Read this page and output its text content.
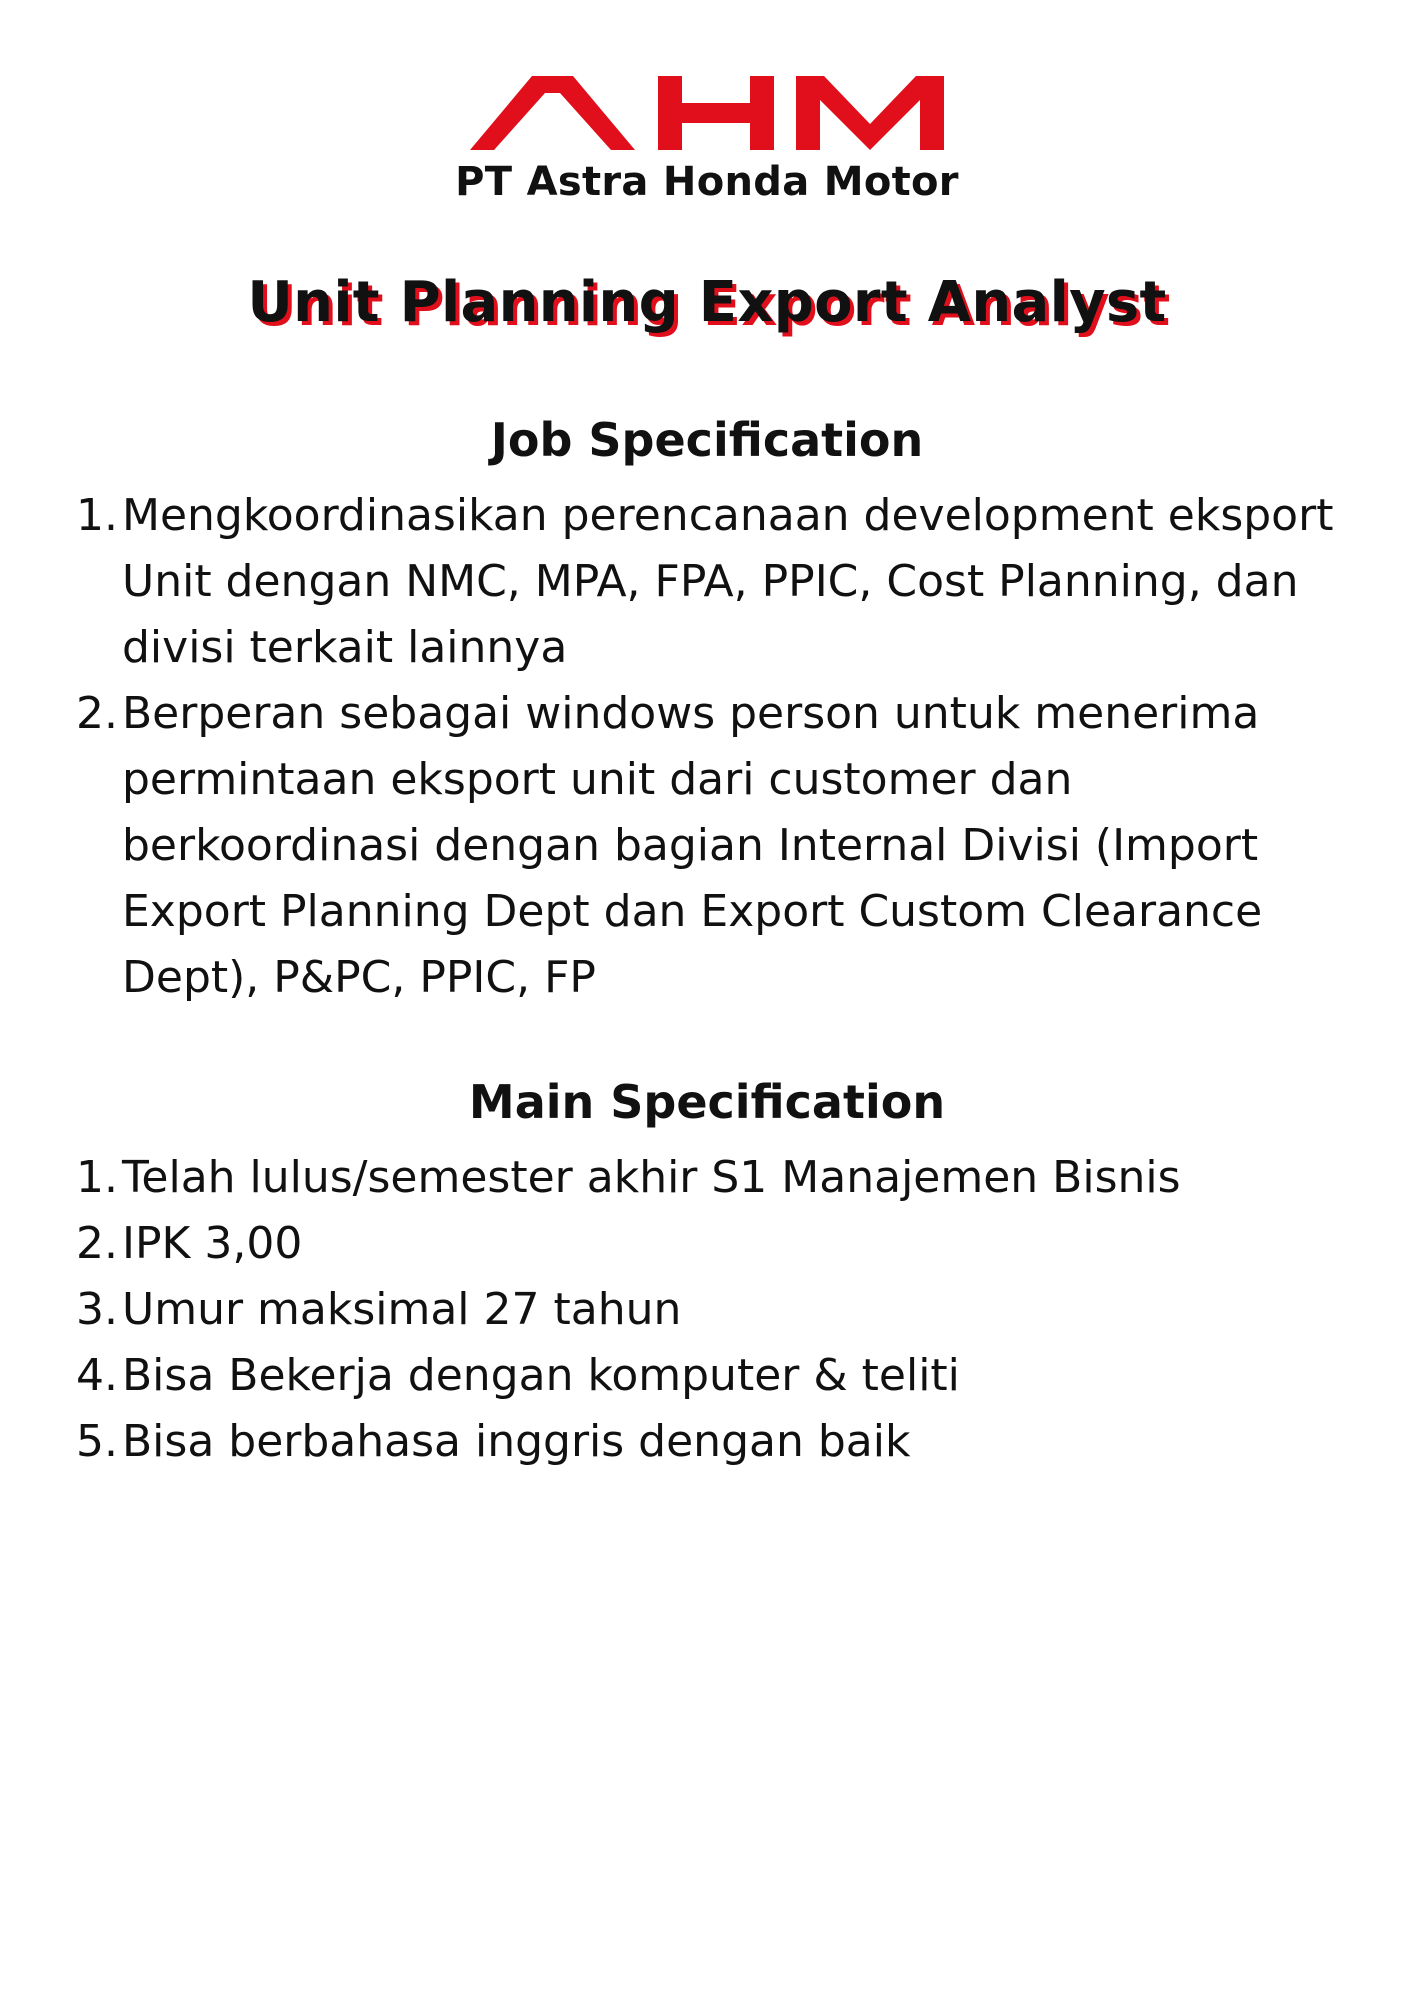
PT Astra Honda Motor
Unit Planning Export Analyst
Job Specification
1. Mengkoordinasikan perencanaan development eksport
Unit dengan NMC, MPA, FPA, PPIC, Cost Planning, dan
divisi terkait lainnya
2. Berperan sebagai windows person untuk menerima
permintaan eksport unit dari customer dan
berkoordinasi dengan bagian Internal Divisi (Import
Export Planning Dept dan Export Custom Clearance
Dept), P&PC, PPIC, FP
Main Specification
1. Telah lulus/semester akhir S1 Manajemen Bisnis
2. IPK 3,00
3. Umur maksimal 27 tahun
4. Bisa Bekerja dengan komputer & teliti
5. Bisa berbahasa inggris dengan baik
